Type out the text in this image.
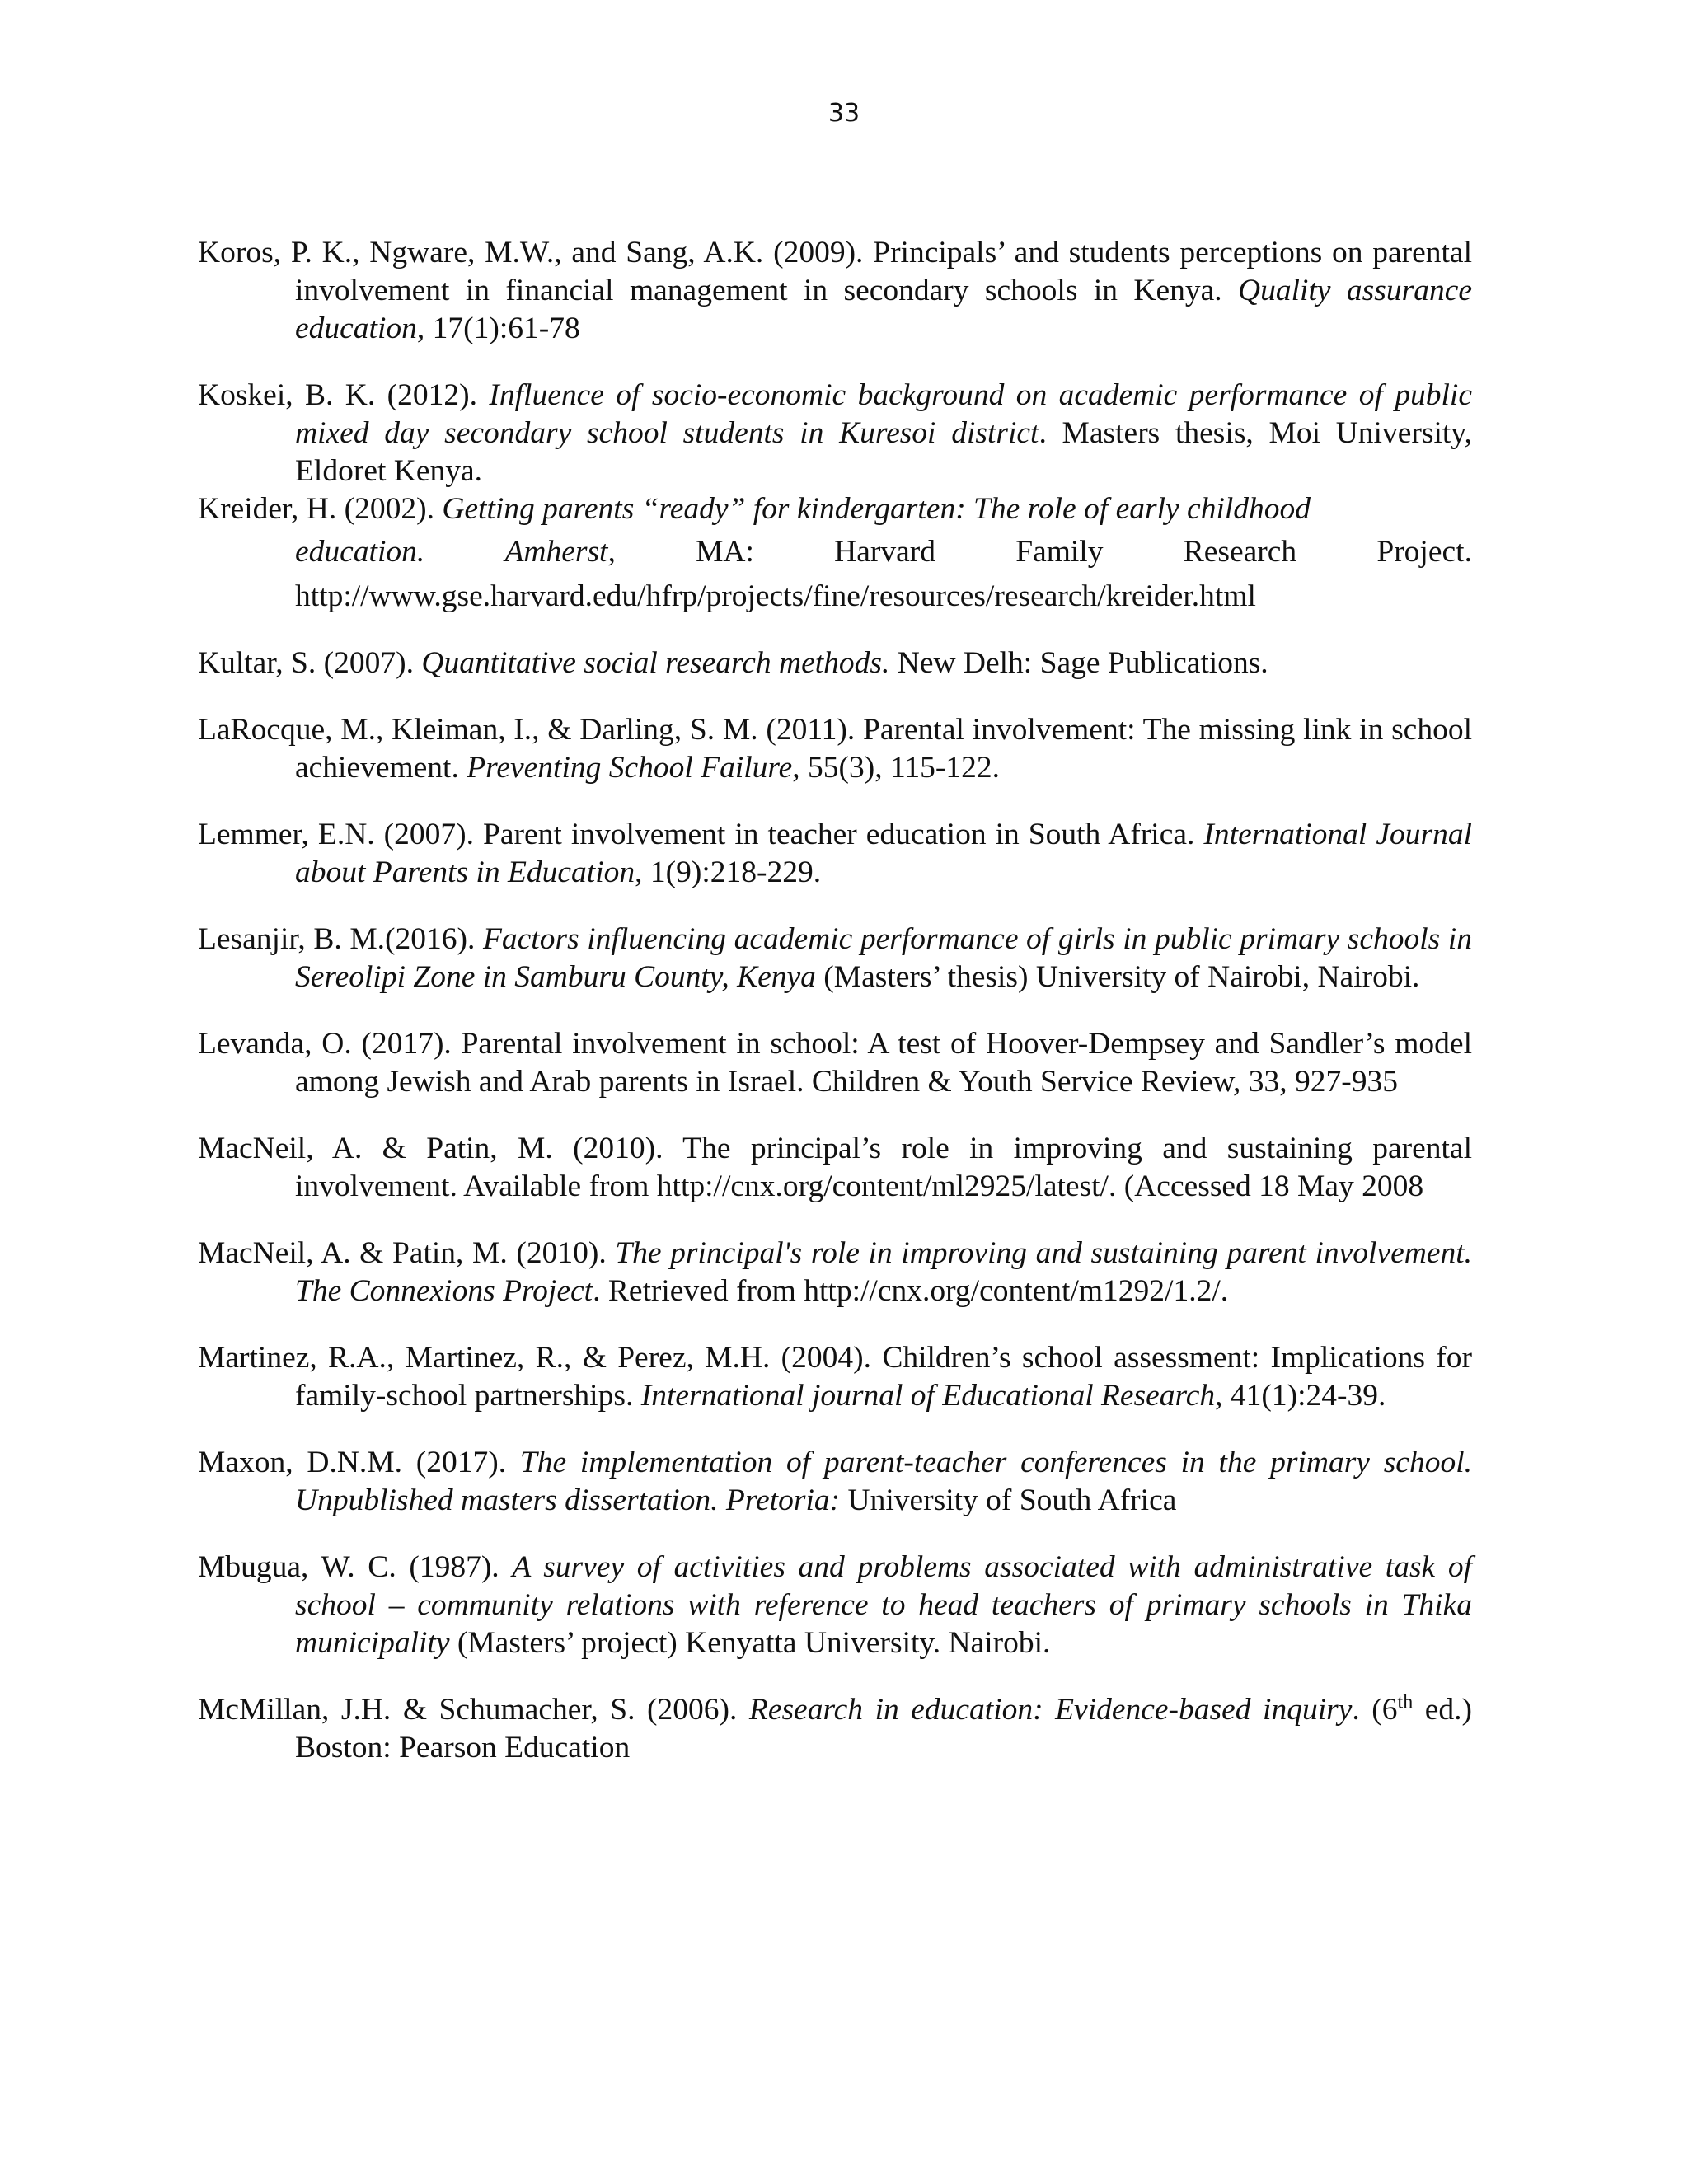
33

Koros, P. K., Ngware, M.W., and Sang, A.K. (2009). Principals’ and students perceptions on parental involvement in financial management in secondary schools in Kenya. Quality assurance education, 17(1):61-78

Koskei, B. K. (2012). Influence of socio-economic background on academic performance of public mixed day secondary school students in Kuresoi district. Masters thesis, Moi University, Eldoret Kenya.

Kreider, H. (2002). Getting parents “ready” for kindergarten: The role of early childhood
education.	Amherst,	MA:	Harvard	Family	Research	Project.
http://www.gse.harvard.edu/hfrp/projects/fine/resources/research/kreider.html

Kultar, S. (2007). Quantitative social research methods. New Delh: Sage Publications.

LaRocque, M., Kleiman, I., & Darling, S. M. (2011). Parental involvement: The missing link in school achievement. Preventing School Failure, 55(3), 115-122.

Lemmer, E.N. (2007). Parent involvement in teacher education in South Africa. International Journal about Parents in Education, 1(9):218-229.

Lesanjir, B. M.(2016). Factors influencing academic performance of girls in public primary schools in Sereolipi Zone in Samburu County, Kenya (Masters’ thesis) University of Nairobi, Nairobi.

Levanda, O. (2017). Parental involvement in school: A test of Hoover-Dempsey and Sandler’s model among Jewish and Arab parents in Israel. Children & Youth Service Review, 33, 927-935

MacNeil, A. & Patin, M. (2010). The principal’s role in improving and sustaining parental involvement. Available from http://cnx.org/content/ml2925/latest/. (Accessed 18 May 2008

MacNeil, A. & Patin, M. (2010). The principal's role in improving and sustaining parent involvement. The Connexions Project. Retrieved from http://cnx.org/content/m1292/1.2/.

Martinez, R.A., Martinez, R., & Perez, M.H. (2004). Children’s school assessment: Implications for family-school partnerships. International journal of Educational Research, 41(1):24-39.

Maxon, D.N.M. (2017). The implementation of parent-teacher conferences in the primary school. Unpublished masters dissertation. Pretoria: University of South Africa

Mbugua, W. C. (1987). A survey of activities and problems associated with administrative task of school – community relations with reference to head teachers of primary schools in Thika municipality (Masters’ project) Kenyatta University. Nairobi.

McMillan, J.H. & Schumacher, S. (2006). Research in education: Evidence-based inquiry. (6th ed.) Boston: Pearson Education
